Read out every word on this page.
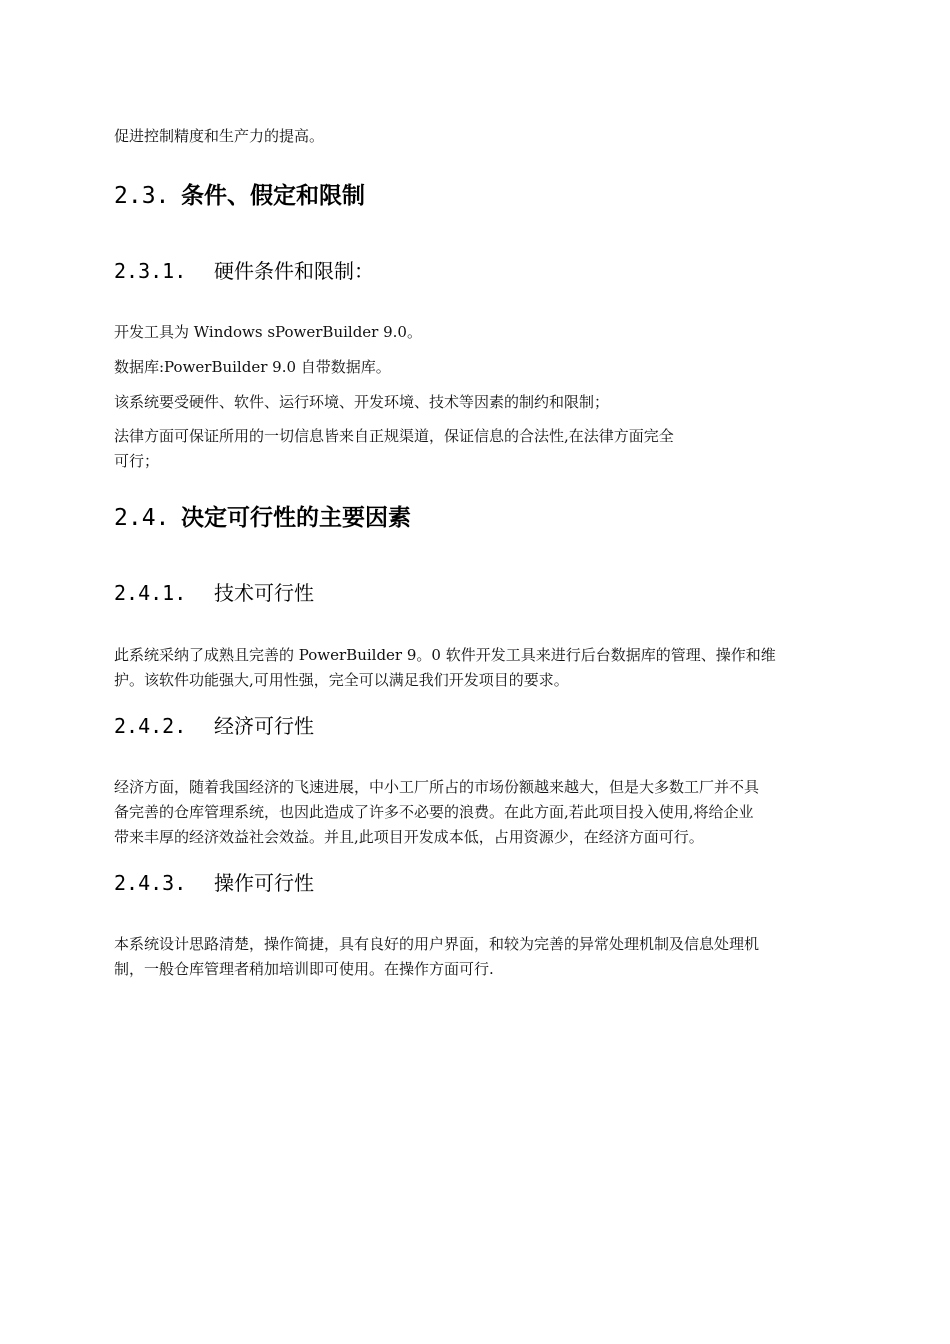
促进控制精度和生产力的提高。
2.3. 条件、假定和限制
2.3.1. 硬件条件和限制：
开发工具为 Windows sPowerBuilder 9.0。
数据库:PowerBuilder 9.0 自带数据库。
该系统要受硬件、软件、运行环境、开发环境、技术等因素的制约和限制；
法律方面可保证所用的一切信息皆来自正规渠道，保证信息的合法性,在法律方面完全
可行；
2.4. 决定可行性的主要因素
2.4.1. 技术可行性
此系统采纳了成熟且完善的 PowerBuilder 9。0 软件开发工具来进行后台数据库的管理、操作和维
护。该软件功能强大,可用性强，完全可以满足我们开发项目的要求。
2.4.2. 经济可行性
经济方面，随着我国经济的飞速进展，中小工厂所占的市场份额越来越大，但是大多数工厂并不具
备完善的仓库管理系统，也因此造成了许多不必要的浪费。在此方面,若此项目投入使用,将给企业
带来丰厚的经济效益社会效益。并且,此项目开发成本低，占用资源少，在经济方面可行。
2.4.3. 操作可行性
本系统设计思路清楚，操作简捷，具有良好的用户界面，和较为完善的异常处理机制及信息处理机
制，一般仓库管理者稍加培训即可使用。在操作方面可行.
